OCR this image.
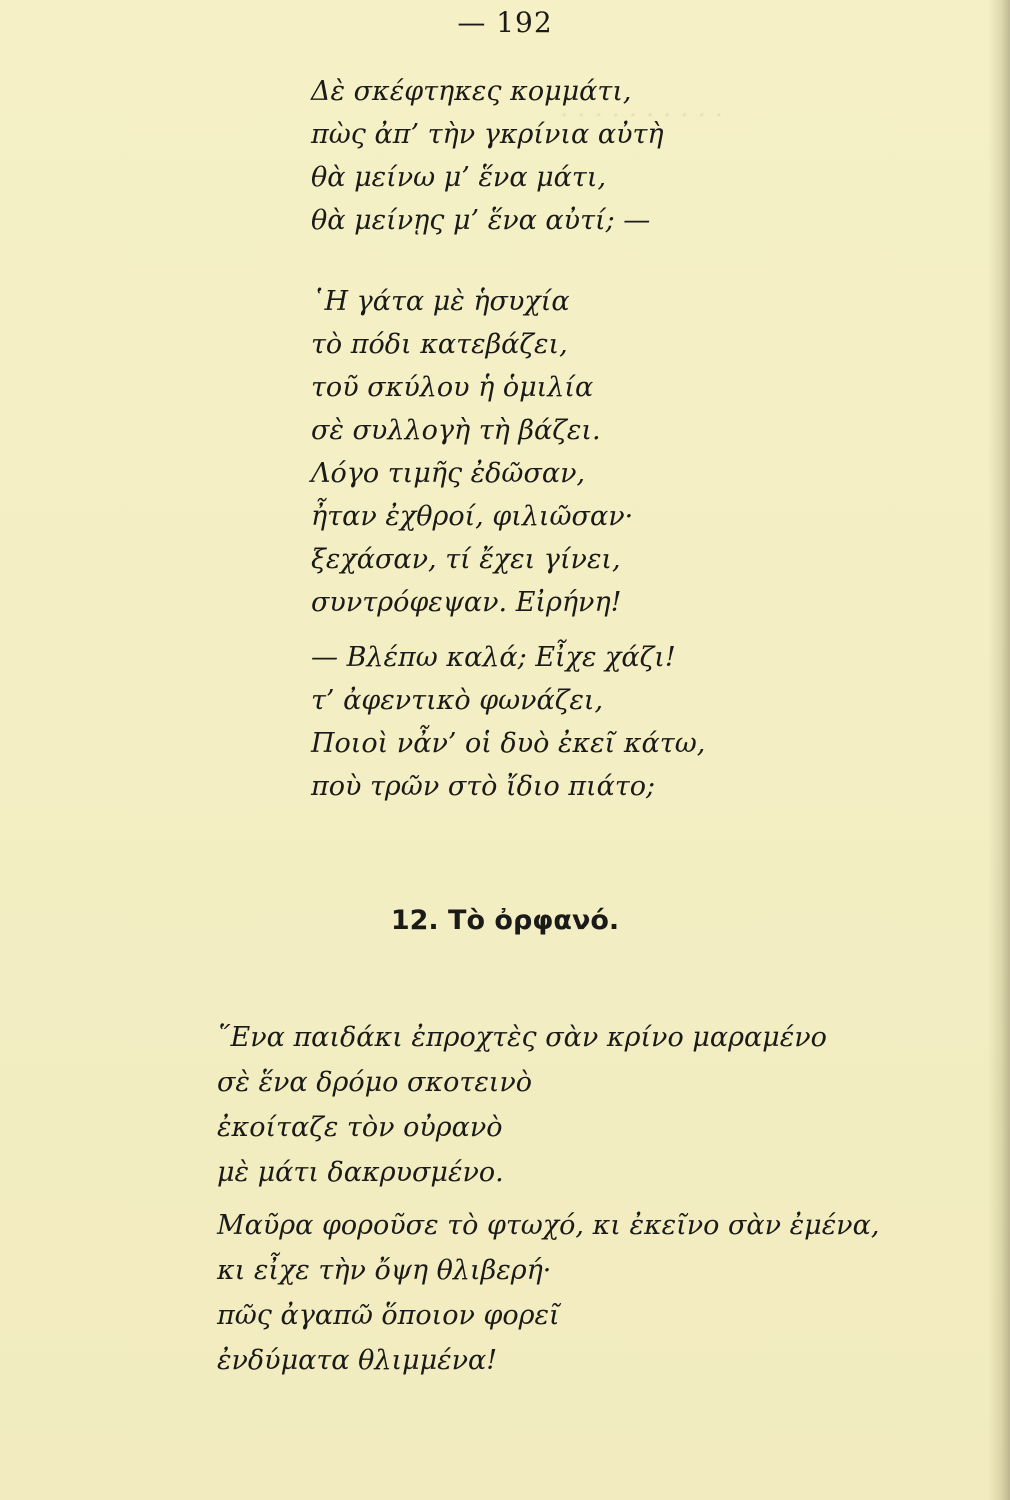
· · · · · · · · · ·
— 192
Δὲ σκέφτηκες κομμάτι,
πὼς ἀπ’ τὴν γκρίνια αὐτὴ
θὰ μείνω μ’ ἕνα μάτι,
θὰ μείνῃς μ’ ἕνα αὐτί; —
῾Η γάτα μὲ ἡσυχία
τὸ πόδι κατεβάζει,
τοῦ σκύλου ἡ ὁμιλία
σὲ συλλογὴ τὴ βάζει.
Λόγο τιμῆς ἐδῶσαν,
ἦταν ἐχθροί, φιλιῶσαν·
ξεχάσαν, τί ἔχει γίνει,
συντρόφεψαν. Εἰρήνη!
— Βλέπω καλά; Εἶχε χάζι!
τ’ ἀφεντικὸ φωνάζει,
Ποιοὶ νἆν’ οἱ δυὸ ἐκεῖ κάτω,
ποὺ τρῶν στὸ ἴδιο πιάτο;
12. Τὸ ὀρφανό.
῞Ενα παιδάκι ἐπροχτὲς σὰν κρίνο μαραμένο
σὲ ἕνα δρόμο σκοτεινὸ
ἐκοίταζε τὸν οὐρανὸ
μὲ μάτι δακρυσμένο.
Μαῦρα φοροῦσε τὸ φτωχό, κι ἐκεῖνο σὰν ἐμένα,
κι εἶχε τὴν ὄψη θλιβερή·
πῶς ἀγαπῶ ὅποιον φορεῖ
ἐνδύματα θλιμμένα!
